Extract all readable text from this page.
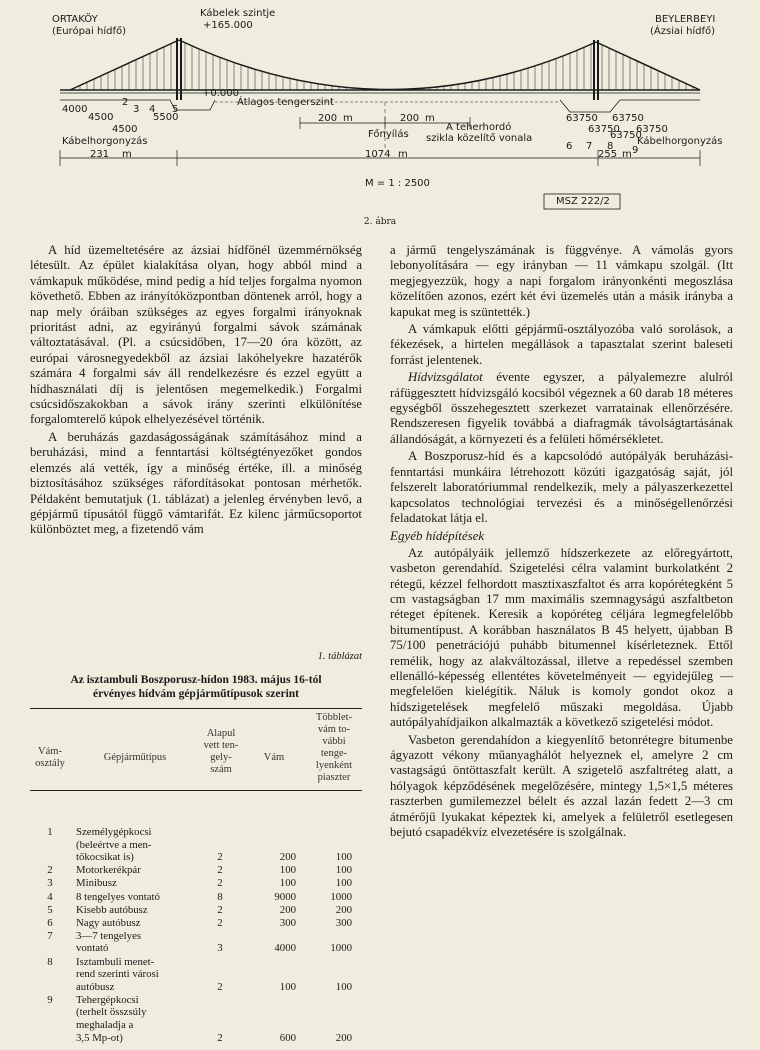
ORTAKÖY
(Európai hídfő)
Kábelek szintje
+165.000
BEYLERBEYI
(Ázsiai hídfő)
+0.000
Átlagos tengerszint
4000
4500
4500
5500
2
3 4 5
Kábelhorgonyzás
231 m
200 m	200 m
Főnyílás
A teherhordó
szikla közelítő vonala
1074 m
63750 63750
63750
63750
63750
Kábelhorgonyzás
6 7 8 9
255 m
M = 1 : 2500
MSZ 222/2
2. ábra

A híd üzemeltetésére az ázsiai hídfőnél üzemmérnökség létesült. Az épület kialakítása olyan, hogy abból mind a vámkapuk működése, mind pedig a híd teljes forgalma nyomon követhető. Ebben az irányítóközpontban döntenek arról, hogy a nap mely óráiban szükséges az egyes forgalmi irányoknak prioritást adni, az egyirányú forgalmi sávok számának változtatásával. (Pl. a csúcsidőben, 17—20 óra között, az európai városnegyedekből az ázsiai lakóhelyekre hazatérők számára 4 forgalmi sáv áll rendelkezésre és ezzel együtt a hídhasználati díj is jelentősen megemelkedik.) Forgalmi csúcsidőszakokban a sávok irány szerinti elkülönítése forgalomterelő kúpok elhelyezésével történik.

A beruházás gazdaságosságának számításához mind a beruházási, mind a fenntartási költségtényezőket gondos elemzés alá vették, így a minőség értéke, ill. a minőség biztosításához szükséges ráfordításokat pontosan mérhetők. Példaként bemutatjuk (1. táblázat) a jelenleg érvényben levő, a gépjármű típusától függő vámtarifát. Ez kilenc járműcsoportot különböztet meg, a fizetendő vám

1. táblázat
Az isztambuli Boszporusz-hídon 1983. május 16-tól
érvényes hídvám gépjárműtípusok szerint
Vám-
osztály
Gépjárműtípus
Alapul
vett ten-
gely-
szám
Vám
Többlet-
vám to-
vábbi
tenge-
lyenként
piaszter
1	Személygépkocsi
(beleértve a men-
tőkocsikat is)	2	200	100
2	Motorkerékpár	2	100	100
3	Minibusz	2	100	100
4	8 tengelyes vontató	8	9000	1000
5	Kisebb autóbusz	2	200	200
6	Nagy autóbusz	2	300	300
7	3—7 tengelyes
vontató	3	4000	1000
8	Isztambuli menet-
rend szerinti városi
autóbusz	2	100	100
9	Tehergépkocsi
(terhelt összsúly
meghaladja a
3,5 Mp-ot)	2	600	200

a jármű tengelyszámának is függvénye. A vámolás gyors lebonyolítására — egy irányban — 11 vámkapu szolgál. (Itt megjegyezzük, hogy a napi forgalom irányonkénti megoszlása közelítően azonos, ezért két évi üzemelés után a másik irányba a kapukat meg is szüntették.)

A vámkapuk előtti gépjármű-osztályozóba való sorolások, a fékezések, a hirtelen megállások a tapasztalat szerint baleseti forrást jelentenek.

Hídvizsgálatot évente egyszer, a pályalemezre alulról ráfüggesztett hídvizsgáló kocsiból végeznek a 60 darab 18 méteres egységből összehegesztett szerkezet varratainak ellenőrzésére. Rendszeresen figyelik továbbá a diafragmák távolságtartásának állandóságát, a környezeti és a felületi hőmérsékletet.

A Boszporusz-híd és a kapcsolódó autópályák beruházási-fenntartási munkáira létrehozott közúti igazgatóság saját, jól felszerelt laboratóriummal rendelkezik, mely a pályaszerkezettel kapcsolatos technológiai tervezési és a minőségellenőrzési feladatokat látja el.

Egyéb hídépítések

Az autópályáik jellemző hídszerkezete az előregyártott, vasbeton gerendahíd. Szigetelési célra valamint burkolatként 2 rétegű, kézzel felhordott masztixaszfaltot és arra kopórétegként 5 cm vastagságban 17 mm maximális szemnagyságú aszfaltbeton réteget építenek. Keresik a kopóréteg céljára legmegfelelőbb bitumentípust. A korábban használatos B 45 helyett, újabban B 75/100 penetrációjú puhább bitumennel kísérleteznek. Ettől remélik, hogy az alakváltozással, illetve a repedéssel szemben ellenálló-képesség ellentétes követelményeit — egyidejűleg — megfelelően kielégítik. Náluk is komoly gondot okoz a hídszigetelések megfelelő műszaki megoldása. Újabb autópályahídjaikon alkalmazták a következő szigetelési módot.

Vasbeton gerendahídon a kiegyenlítő betonrétegre bitumenbe ágyazott vékony műanyaghálót helyeznek el, amelyre 2 cm vastagságú öntöttaszfalt került. A szigetelő aszfaltréteg alatt, a hólyagok képződésének megelőzésére, mintegy 1,5×1,5 méteres raszterben gumilemezzel bélelt és azzal lazán fedett 2—3 cm átmérőjű lyukakat képeztek ki, amelyek a felületről esetlegesen bejutó csapadékvíz elvezetésére is szolgálnak.
